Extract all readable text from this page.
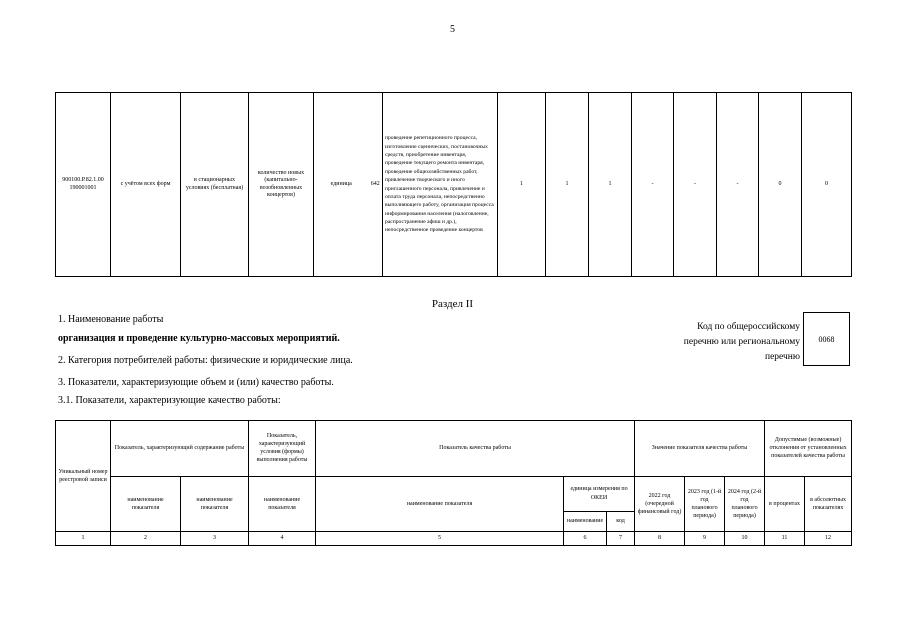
5
900100.Р.82.1.00 190001001	с учётом всех форм	в стационарных условиях (бесплатная)	количество новых (капитально-возобновленных концертов)	единица	642	проведение репетиционного процесса, изготовление сценических, постановочных средств, приобретение инвентаря, проведение текущего ремонта инвентаря, проведение общехозяйственных работ, привлечение творческого и иного приглашенного персонала, привлечение и оплата труда персонала, непосредственно выполняющего работу, организация процесса информирования населения (налоговление, распространение афиш и др.), непосредственное проведение концертов	1	1	1	-	-	-	0	0
Раздел II
1. Наименование работы
организация и проведение культурно-массовых мероприятий.
2. Категория потребителей работы: физические и юридические лица.
3. Показатели, характеризующие объем и (или) качество работы.
3.1. Показатели, характеризующие качество работы:
Код по общероссийскому перечню или региональному перечню
0068
Уникальный номер реестровой записи	Показатель, характеризующий содержание работы		Показатель, характеризующий условия (формы) выполнения работы	Показатель качества работы			Значение показателя качества работы			Допустимые (возможные) отклонения от установленных показателей качества работы	
	наименование показателя	наименование показателя	наименование показателя	наименование показателя	единица измерения по ОКЕИ		2022 год (очередной финансовый год)	2023 год (1-й год планового периода)	2024 год (2-й год планового периода)	в процентах	в абсолютных показателях
					наименование	код					
1	2	3	4	5	6	7	8	9	10	11	12
